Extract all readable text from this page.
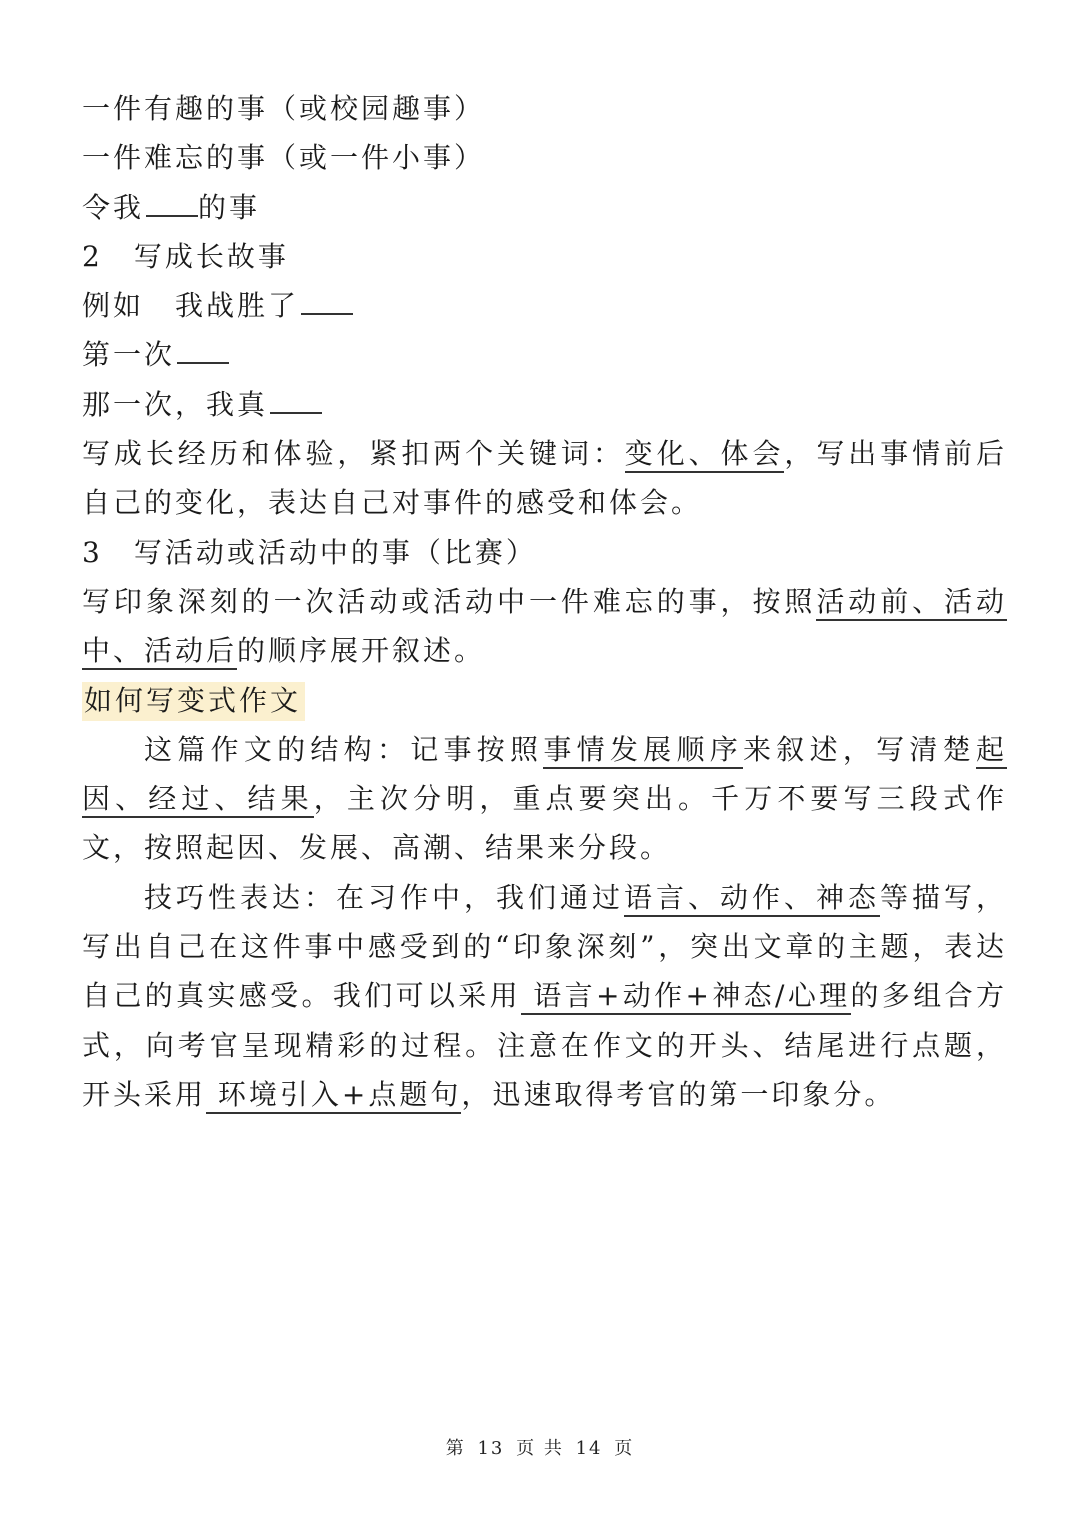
一件有趣的事（或校园趣事）
一件难忘的事（或一件小事）
令我 的事
2　写成长故事
例如　我战胜了
第一次
那一次，我真
写成长经历和体验，紧扣两个关键词：变化、体会，写出事情前后自己的变化，表达自己对事件的感受和体会。
3　写活动或活动中的事（比赛）
写印象深刻的一次活动或活动中一件难忘的事，按照活动前、活动中、活动后的顺序展开叙述。
如何写变式作文
这篇作文的结构：记事按照事情发展顺序来叙述，写清楚起因、经过、结果，主次分明，重点要突出。千万不要写三段式作文，按照起因、发展、高潮、结果来分段。
技巧性表达：在习作中，我们通过语言、动作、神态等描写，写出自己在这件事中感受到的“印象深刻”，突出文章的主题，表达自己的真实感受。我们可以采用 语言+动作+神态/心理的多组合方式，向考官呈现精彩的过程。注意在作文的开头、结尾进行点题，开头采用 环境引入+点题句，迅速取得考官的第一印象分。
第 13 页 共 14 页
